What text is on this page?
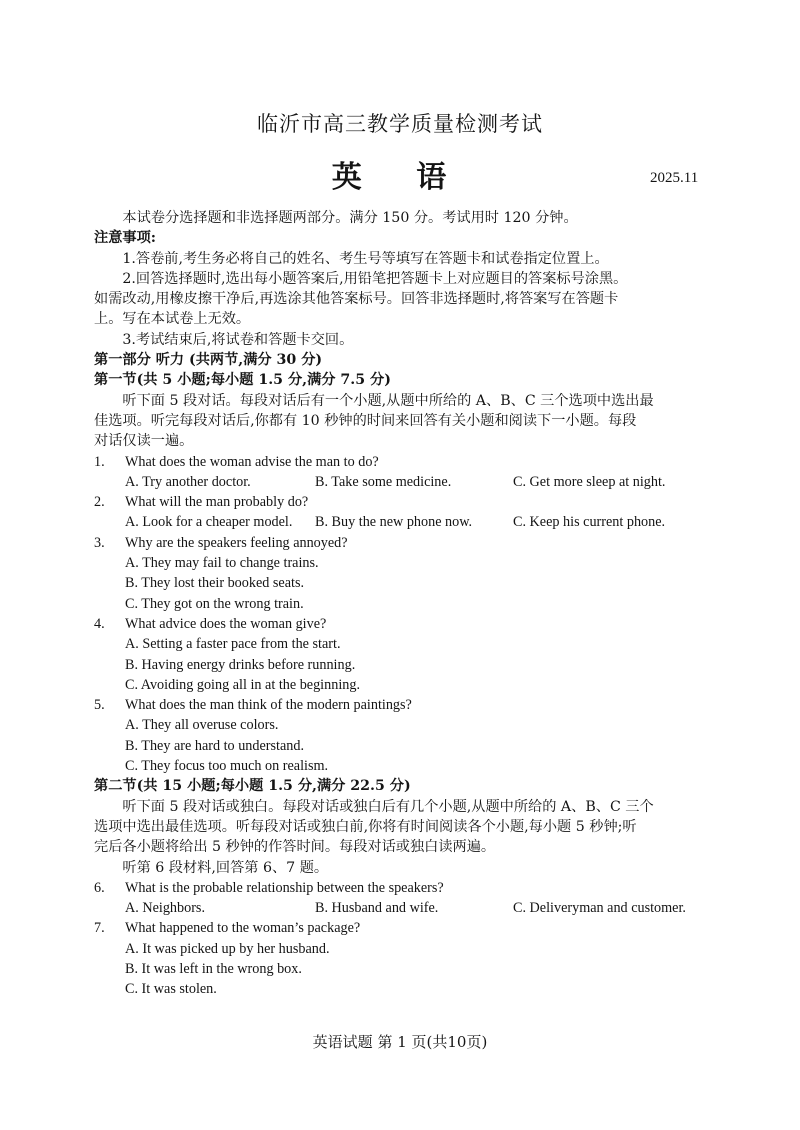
临沂市高三教学质量检测考试
英 语	2025.11

本试卷分选择题和非选择题两部分。满分 150 分。考试用时 120 分钟。

注意事项:

1.答卷前,考生务必将自己的姓名、考生号等填写在答题卡和试卷指定位置上。

2.回答选择题时,选出每小题答案后,用铅笔把答题卡上对应题目的答案标号涂黑。

如需改动,用橡皮擦干净后,再选涂其他答案标号。回答非选择题时,将答案写在答题卡

上。写在本试卷上无效。

3.考试结束后,将试卷和答题卡交回。

第一部分 听力 (共两节,满分 30 分)

第一节(共 5 小题;每小题 1.5 分,满分 7.5 分)

听下面 5 段对话。每段对话后有一个小题,从题中所给的 A、B、C 三个选项中选出最

佳选项。听完每段对话后,你都有 10 秒钟的时间来回答有关小题和阅读下一小题。每段

对话仅读一遍。

1.	What does the woman advise the man to do?
A. Try another doctor.	B. Take some medicine.	C. Get more sleep at night.
2.	What will the man probably do?
A. Look for a cheaper model.	B. Buy the new phone now.	C. Keep his current phone.
3.	Why are the speakers feeling annoyed?
A. They may fail to change trains.
B. They lost their booked seats.
C. They got on the wrong train.
4.	What advice does the woman give?
A. Setting a faster pace from the start.
B. Having energy drinks before running.
C. Avoiding going all in at the beginning.
5.	What does the man think of the modern paintings?
A. They all overuse colors.
B. They are hard to understand.
C. They focus too much on realism.

第二节(共 15 小题;每小题 1.5 分,满分 22.5 分)

听下面 5 段对话或独白。每段对话或独白后有几个小题,从题中所给的 A、B、C 三个

选项中选出最佳选项。听每段对话或独白前,你将有时间阅读各个小题,每小题 5 秒钟;听

完后各小题将给出 5 秒钟的作答时间。每段对话或独白读两遍。

听第 6 段材料,回答第 6、7 题。

6.	What is the probable relationship between the speakers?
A. Neighbors.	B. Husband and wife.	C. Deliveryman and customer.
7.	What happened to the woman’s package?
A. It was picked up by her husband.
B. It was left in the wrong box.
C. It was stolen.
英语试题 第 1 页(共10页)
